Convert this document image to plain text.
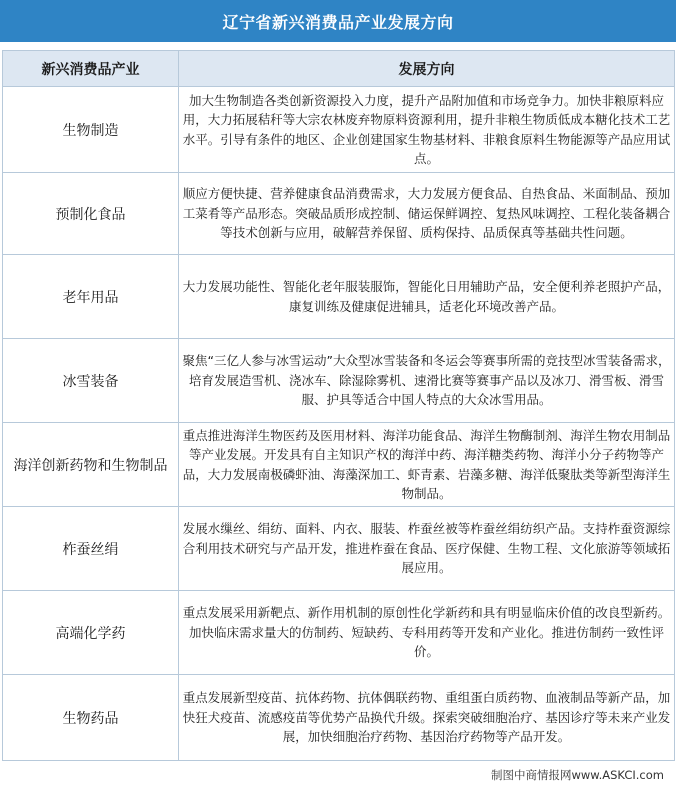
辽宁省新兴消费品产业发展方向
新兴消费品产业	发展方向
生物制造	加大生物制造各类创新资源投入力度，提升产品附加值和市场竞争力。加快非粮原料应用，大力拓展秸秆等大宗农林废弃物原料资源利用，提升非粮生物质低成本糖化技术工艺水平。引导有条件的地区、企业创建国家生物基材料、非粮食原料生物能源等产品应用试点。
预制化食品	顺应方便快捷、营养健康食品消费需求，大力发展方便食品、自热食品、米面制品、预加工菜肴等产品形态。突破品质形成控制、储运保鲜调控、复热风味调控、工程化装备耦合等技术创新与应用，破解营养保留、质构保持、品质保真等基础共性问题。
老年用品	大力发展功能性、智能化老年服装服饰，智能化日用辅助产品，安全便利养老照护产品，康复训练及健康促进辅具，适老化环境改善产品。
冰雪装备	聚焦“三亿人参与冰雪运动”大众型冰雪装备和冬运会等赛事所需的竞技型冰雪装备需求，培育发展造雪机、浇冰车、除湿除雾机、速滑比赛等赛事产品以及冰刀、滑雪板、滑雪服、护具等适合中国人特点的大众冰雪用品。
海洋创新药物和生物制品	重点推进海洋生物医药及医用材料、海洋功能食品、海洋生物酶制剂、海洋生物农用制品等产业发展。开发具有自主知识产权的海洋中药、海洋糖类药物、海洋小分子药物等产品，大力发展南极磷虾油、海藻深加工、虾青素、岩藻多糖、海洋低聚肽类等新型海洋生物制品。
柞蚕丝绢	发展水缫丝、绢纺、面料、内衣、服装、柞蚕丝被等柞蚕丝绢纺织产品。支持柞蚕资源综合利用技术研究与产品开发，推进柞蚕在食品、医疗保健、生物工程、文化旅游等领域拓展应用。
高端化学药	重点发展采用新靶点、新作用机制的原创性化学新药和具有明显临床价值的改良型新药。加快临床需求量大的仿制药、短缺药、专科用药等开发和产业化。推进仿制药一致性评价。
生物药品	重点发展新型疫苗、抗体药物、抗体偶联药物、重组蛋白质药物、血液制品等新产品，加快狂犬疫苗、流感疫苗等优势产品换代升级。探索突破细胞治疗、基因诊疗等未来产业发展，加快细胞治疗药物、基因治疗药物等产品开发。
制图中商情报网www.ASKCI.com
